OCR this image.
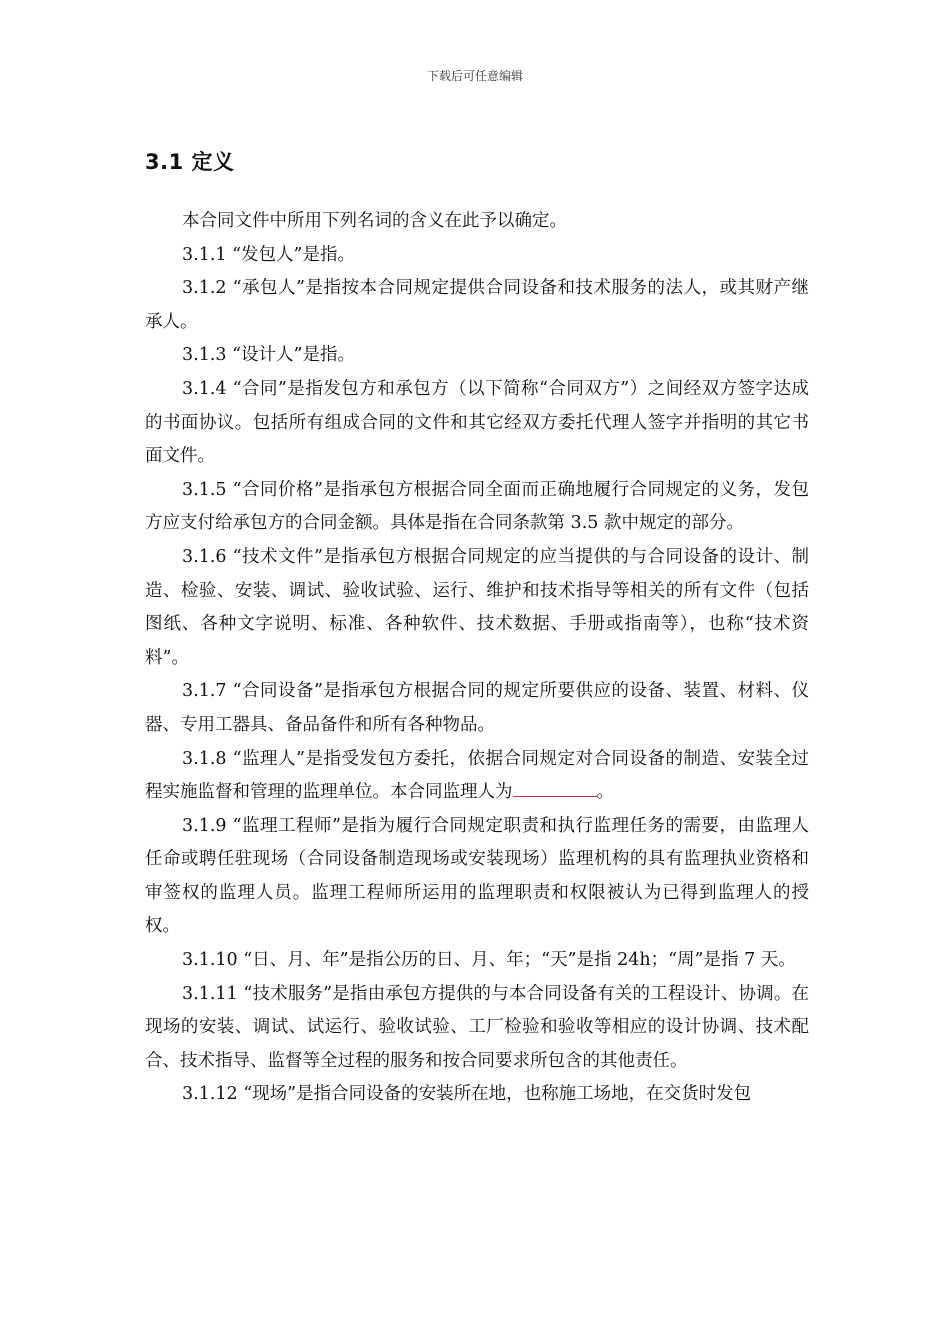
下载后可任意编辑
3.1 定义

本合同文件中所用下列名词的含义在此予以确定。

3.1.1 “发包人”是指。

3.1.2 “承包人”是指按本合同规定提供合同设备和技术服务的法人，或其财产继承人。

3.1.3 “设计人”是指。

3.1.4 “合同”是指发包方和承包方（以下简称“合同双方”）之间经双方签字达成的书面协议。包括所有组成合同的文件和其它经双方委托代理人签字并指明的其它书面文件。

3.1.5 “合同价格”是指承包方根据合同全面而正确地履行合同规定的义务，发包方应支付给承包方的合同金额。具体是指在合同条款第 3.5 款中规定的部分。

3.1.6 “技术文件”是指承包方根据合同规定的应当提供的与合同设备的设计、制造、检验、安装、调试、验收试验、运行、维护和技术指导等相关的所有文件（包括图纸、各种文字说明、标准、各种软件、技术数据、手册或指南等），也称“技术资料”。

3.1.7 “合同设备”是指承包方根据合同的规定所要供应的设备、装置、材料、仪器、专用工器具、备品备件和所有各种物品。

3.1.8 “监理人”是指受发包方委托，依据合同规定对合同设备的制造、安装全过程实施监督和管理的监理单位。本合同监理人为	。

3.1.9 “监理工程师”是指为履行合同规定职责和执行监理任务的需要，由监理人任命或聘任驻现场（合同设备制造现场或安装现场）监理机构的具有监理执业资格和审签权的监理人员。监理工程师所运用的监理职责和权限被认为已得到监理人的授权。

3.1.10 “日、月、年”是指公历的日、月、年；“天”是指 24h；“周”是指 7 天。

3.1.11 “技术服务”是指由承包方提供的与本合同设备有关的工程设计、协调。在现场的安装、调试、试运行、验收试验、工厂检验和验收等相应的设计协调、技术配合、技术指导、监督等全过程的服务和按合同要求所包含的其他责任。

3.1.12 “现场”是指合同设备的安装所在地，也称施工场地，在交货时发包
